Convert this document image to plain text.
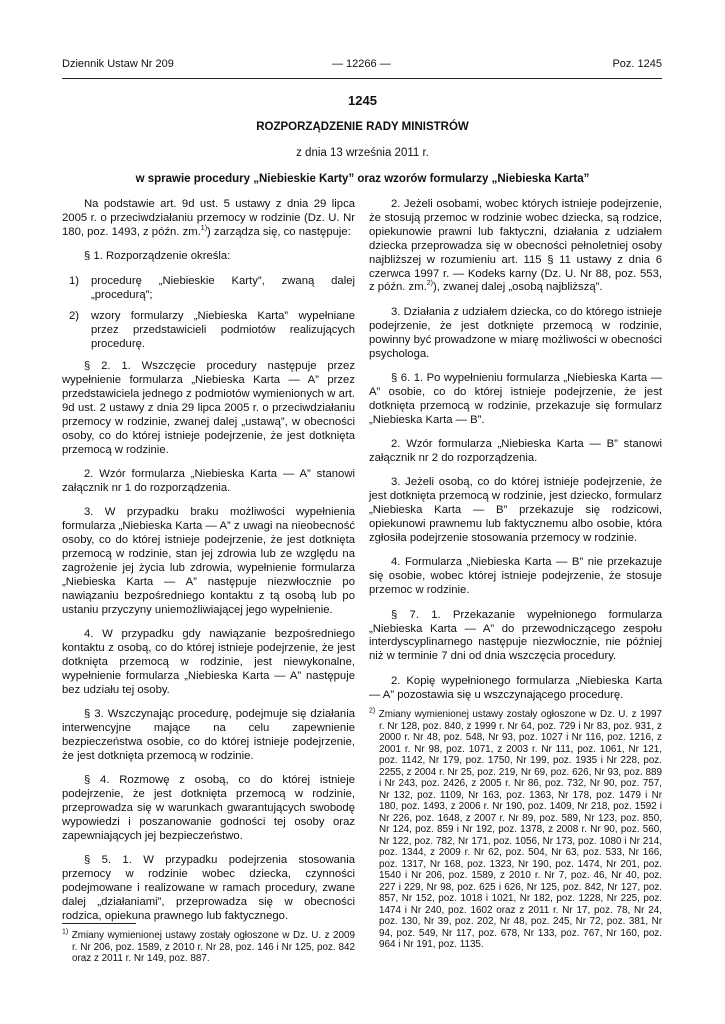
Dziennik Ustaw Nr 209	— 12266 —	Poz. 1245
1245
ROZPORZĄDZENIE RADY MINISTRÓW
z dnia 13 września 2011 r.
w sprawie procedury „Niebieskie Karty” oraz wzorów formularzy „Niebieska Karta”

Na podstawie art. 9d ust. 5 ustawy z dnia 29 lipca 2005 r. o przeciwdziałaniu przemocy w rodzinie (Dz. U. Nr 180, poz. 1493, z późn. zm.$^{1)}$) zarządza się, co następuje:

§ 1. Rozporządzenie określa:

1) procedurę „Niebieskie Karty”, zwaną dalej „procedurą”;

2) wzory formularzy „Niebieska Karta” wypełniane przez przedstawicieli podmiotów realizujących procedurę.

§ 2. 1. Wszczęcie procedury następuje przez wypełnienie formularza „Niebieska Karta — A” przez przedstawiciela jednego z podmiotów wymienionych w art. 9d ust. 2 ustawy z dnia 29 lipca 2005 r. o przeciwdziałaniu przemocy w rodzinie, zwanej dalej „ustawą”, w obecności osoby, co do której istnieje podejrzenie, że jest dotknięta przemocą w rodzinie.

2. Wzór formularza „Niebieska Karta — A” stanowi załącznik nr 1 do rozporządzenia.

3. W przypadku braku możliwości wypełnienia formularza „Niebieska Karta — A” z uwagi na nieobecność osoby, co do której istnieje podejrzenie, że jest dotknięta przemocą w rodzinie, stan jej zdrowia lub ze względu na zagrożenie jej życia lub zdrowia, wypełnienie formularza „Niebieska Karta — A” następuje niezwłocznie po nawiązaniu bezpośredniego kontaktu z tą osobą lub po ustaniu przyczyny uniemożliwiającej jego wypełnienie.

4. W przypadku gdy nawiązanie bezpośredniego kontaktu z osobą, co do której istnieje podejrzenie, że jest dotknięta przemocą w rodzinie, jest niewykonalne, wypełnienie formularza „Niebieska Karta — A” następuje bez udziału tej osoby.

§ 3. Wszczynając procedurę, podejmuje się działania interwencyjne mające na celu zapewnienie bezpieczeństwa osobie, co do której istnieje podejrzenie, że jest dotknięta przemocą w rodzinie.

§ 4. Rozmowę z osobą, co do której istnieje podejrzenie, że jest dotknięta przemocą w rodzinie, przeprowadza się w warunkach gwarantujących swobodę wypowiedzi i poszanowanie godności tej osoby oraz zapewniających jej bezpieczeństwo.

§ 5. 1. W przypadku podejrzenia stosowania przemocy w rodzinie wobec dziecka, czynności podejmowane i realizowane w ramach procedury, zwane dalej „działaniami”, przeprowadza się w obecności rodzica, opiekuna prawnego lub faktycznego.

$^{1)}$ Zmiany wymienionej ustawy zostały ogłoszone w Dz. U. z 2009 r. Nr 206, poz. 1589, z 2010 r. Nr 28, poz. 146 i Nr 125, poz. 842 oraz z 2011 r. Nr 149, poz. 887.

2. Jeżeli osobami, wobec których istnieje podejrzenie, że stosują przemoc w rodzinie wobec dziecka, są rodzice, opiekunowie prawni lub faktyczni, działania z udziałem dziecka przeprowadza się w obecności pełnoletniej osoby najbliższej w rozumieniu art. 115 § 11 ustawy z dnia 6 czerwca 1997 r. — Kodeks karny (Dz. U. Nr 88, poz. 553, z późn. zm.$^{2)}$), zwanej dalej „osobą najbliższą”.

3. Działania z udziałem dziecka, co do którego istnieje podejrzenie, że jest dotknięte przemocą w rodzinie, powinny być prowadzone w miarę możliwości w obecności psychologa.

§ 6. 1. Po wypełnieniu formularza „Niebieska Karta — A” osobie, co do której istnieje podejrzenie, że jest dotknięta przemocą w rodzinie, przekazuje się formularz „Niebieska Karta — B”.

2. Wzór formularza „Niebieska Karta — B” stanowi załącznik nr 2 do rozporządzenia.

3. Jeżeli osobą, co do której istnieje podejrzenie, że jest dotknięta przemocą w rodzinie, jest dziecko, formularz „Niebieska Karta — B” przekazuje się rodzicowi, opiekunowi prawnemu lub faktycznemu albo osobie, która zgłosiła podejrzenie stosowania przemocy w rodzinie.

4. Formularza „Niebieska Karta — B” nie przekazuje się osobie, wobec której istnieje podejrzenie, że stosuje przemoc w rodzinie.

§ 7. 1. Przekazanie wypełnionego formularza „Niebieska Karta — A” do przewodniczącego zespołu interdyscyplinarnego następuje niezwłocznie, nie później niż w terminie 7 dni od dnia wszczęcia procedury.

2. Kopię wypełnionego formularza „Niebieska Karta — A” pozostawia się u wszczynającego procedurę.

$^{2)}$ Zmiany wymienionej ustawy zostały ogłoszone w Dz. U. z 1997 r. Nr 128, poz. 840, z 1999 r. Nr 64, poz. 729 i Nr 83, poz. 931, z 2000 r. Nr 48, poz. 548, Nr 93, poz. 1027 i Nr 116, poz. 1216, z 2001 r. Nr 98, poz. 1071, z 2003 r. Nr 111, poz. 1061, Nr 121, poz. 1142, Nr 179, poz. 1750, Nr 199, poz. 1935 i Nr 228, poz. 2255, z 2004 r. Nr 25, poz. 219, Nr 69, poz. 626, Nr 93, poz. 889 i Nr 243, poz. 2426, z 2005 r. Nr 86, poz. 732, Nr 90, poz. 757, Nr 132, poz. 1109, Nr 163, poz. 1363, Nr 178, poz. 1479 i Nr 180, poz. 1493, z 2006 r. Nr 190, poz. 1409, Nr 218, poz. 1592 i Nr 226, poz. 1648, z 2007 r. Nr 89, poz. 589, Nr 123, poz. 850, Nr 124, poz. 859 i Nr 192, poz. 1378, z 2008 r. Nr 90, poz. 560, Nr 122, poz. 782, Nr 171, poz. 1056, Nr 173, poz. 1080 i Nr 214, poz. 1344, z 2009 r. Nr 62, poz. 504, Nr 63, poz. 533, Nr 166, poz. 1317, Nr 168, poz. 1323, Nr 190, poz. 1474, Nr 201, poz. 1540 i Nr 206, poz. 1589, z 2010 r. Nr 7, poz. 46, Nr 40, poz. 227 i 229, Nr 98, poz. 625 i 626, Nr 125, poz. 842, Nr 127, poz. 857, Nr 152, poz. 1018 i 1021, Nr 182, poz. 1228, Nr 225, poz. 1474 i Nr 240, poz. 1602 oraz z 2011 r. Nr 17, poz. 78, Nr 24, poz. 130, Nr 39, poz. 202, Nr 48, poz. 245, Nr 72, poz. 381, Nr 94, poz. 549, Nr 117, poz. 678, Nr 133, poz. 767, Nr 160, poz. 964 i Nr 191, poz. 1135.
